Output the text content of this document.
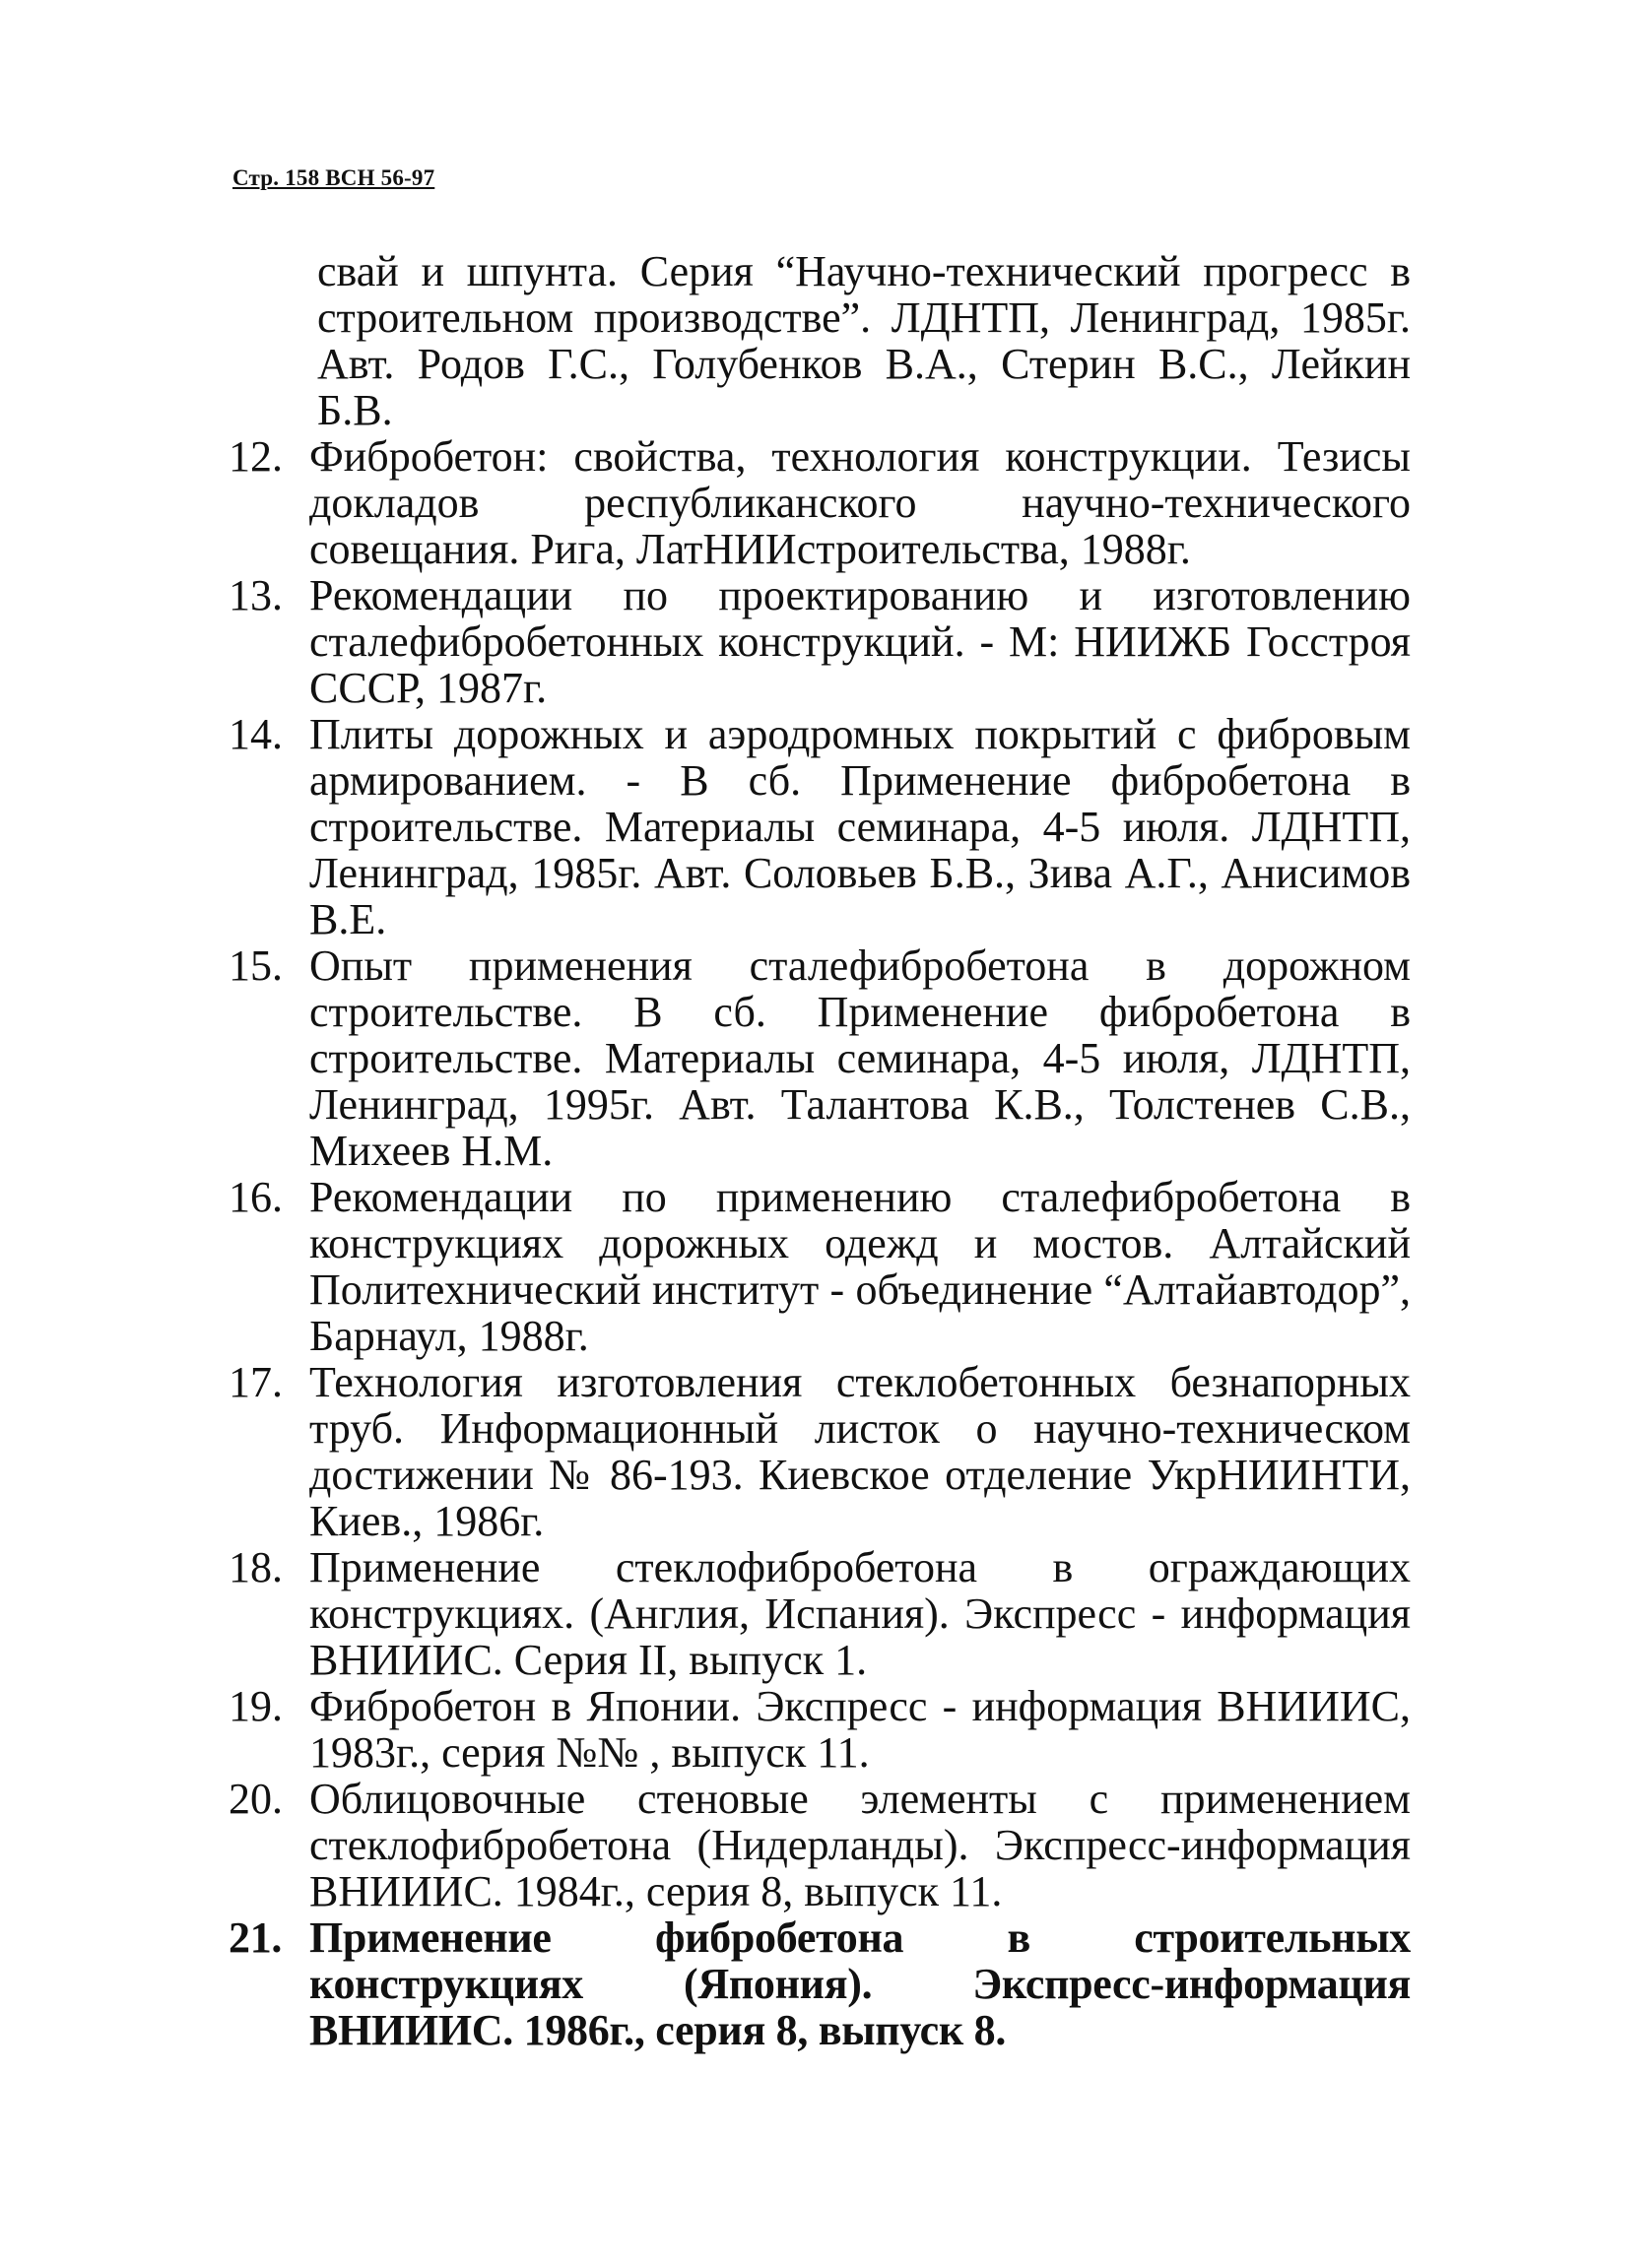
Стр. 158 ВСН 56-97
свай и шпунта. Серия “Научно-технический прогресс в строительном производстве”. ЛДНТП, Ленинград, 1985г. Авт. Родов Г.С., Голубенков В.А., Стерин В.С., Лейкин Б.В.
12. Фибробетон: свойства, технология конструкции. Тезисы докладов республиканского научно-технического совещания. Рига, ЛатНИИстроительства, 1988г.
13. Рекомендации по проектированию и изготовлению сталефибробетонных конструкций. - М: НИИЖБ Госстроя СССР, 1987г.
14. Плиты дорожных и аэродромных покрытий с фибровым армированием. - В сб. Применение фибробетона в строительстве. Материалы семинара, 4-5 июля. ЛДНТП, Ленинград, 1985г. Авт. Соловьев Б.В., Зива А.Г., Анисимов В.Е.
15. Опыт применения сталефибробетона в дорожном строительстве. В сб. Применение фибробетона в строительстве. Материалы семинара, 4-5 июля, ЛДНТП, Ленинград, 1995г. Авт. Талантова К.В., Толстенев С.В., Михеев Н.М.
16. Рекомендации по применению сталефибробетона в конструкциях дорожных одежд и мостов. Алтайский Политехнический институт - объединение “Алтайавтодор”, Барнаул, 1988г.
17. Технология изготовления стеклобетонных безнапорных труб. Информационный листок о научно-техническом достижении № 86-193. Киевское отделение УкрНИИНТИ, Киев., 1986г.
18. Применение стеклофибробетона в ограждающих конструкциях. (Англия, Испания). Экспресс - информация ВНИИИС. Серия II, выпуск 1.
19. Фибробетон в Японии. Экспресс - информация ВНИИИС, 1983г., серия №№ , выпуск 11.
20. Облицовочные стеновые элементы с применением стеклофибробетона (Нидерланды). Экспресс-информация ВНИИИС. 1984г., серия 8, выпуск 11.
21. Применение фибробетона в строительных конструкциях (Япония). Экспресс-информация ВНИИИС. 1986г., серия 8, выпуск 8.
